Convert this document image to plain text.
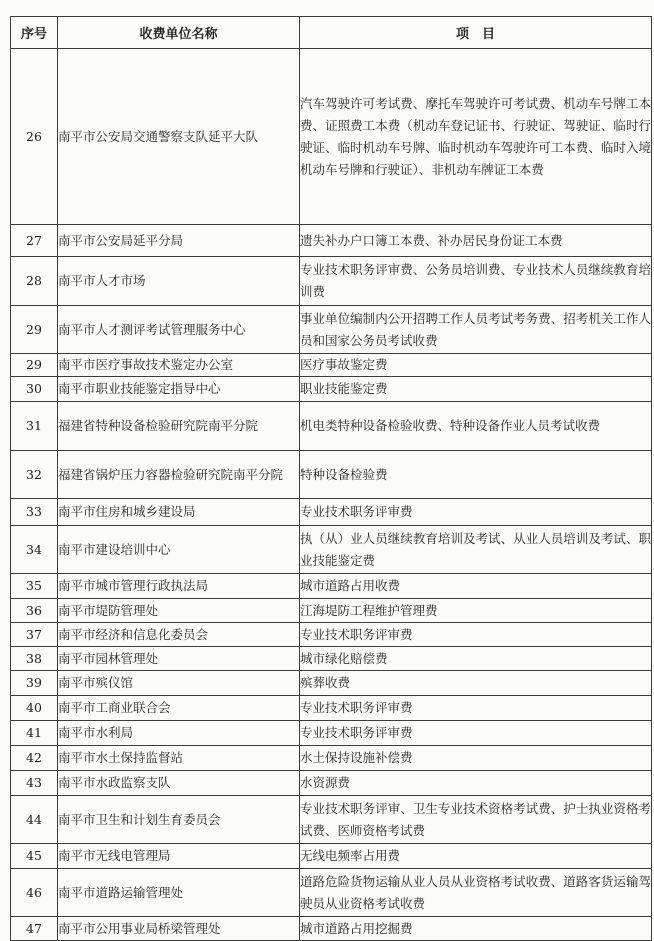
序号	收费单位名称	项　目
26	南平市公安局交通警察支队延平大队	汽车驾驶许可考试费、摩托车驾驶许可考试费、机动车号牌工本费、证照费工本费（机动车登记证书、行驶证、驾驶证、临时行驶证、临时机动车号牌、临时机动车驾驶许可工本费、临时入境机动车号牌和行驶证）、非机动车牌证工本费
27	南平市公安局延平分局	遗失补办户口簿工本费、补办居民身份证工本费
28	南平市人才市场	专业技术职务评审费、公务员培训费、专业技术人员继续教育培训费
29	南平市人才测评考试管理服务中心	事业单位编制内公开招聘工作人员考试考务费、招考机关工作人员和国家公务员考试收费
29	南平市医疗事故技术鉴定办公室	医疗事故鉴定费
30	南平市职业技能鉴定指导中心	职业技能鉴定费
31	福建省特种设备检验研究院南平分院	机电类特种设备检验收费、特种设备作业人员考试收费
32	福建省锅炉压力容器检验研究院南平分院	特种设备检验费
33	南平市住房和城乡建设局	专业技术职务评审费
34	南平市建设培训中心	执（从）业人员继续教育培训及考试、从业人员培训及考试、职业技能鉴定费
35	南平市城市管理行政执法局	城市道路占用收费
36	南平市堤防管理处	江海堤防工程维护管理费
37	南平市经济和信息化委员会	专业技术职务评审费
38	南平市园林管理处	城市绿化赔偿费
39	南平市殡仪馆	殡葬收费
40	南平市工商业联合会	专业技术职务评审费
41	南平市水利局	专业技术职务评审费
42	南平市水土保持监督站	水土保持设施补偿费
43	南平市水政监察支队	水资源费
44	南平市卫生和计划生育委员会	专业技术职务评审、卫生专业技术资格考试费、护士执业资格考试费、医师资格考试费
45	南平市无线电管理局	无线电频率占用费
46	南平市道路运输管理处	道路危险货物运输从业人员从业资格考试收费、道路客货运输驾驶员从业资格考试收费
47	南平市公用事业局桥梁管理处	城市道路占用挖掘费
